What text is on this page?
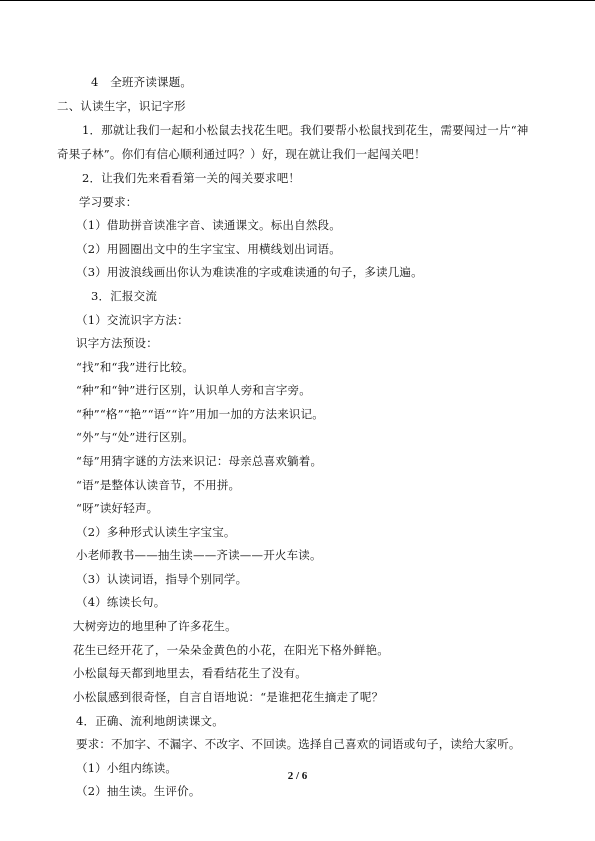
4　全班齐读课题。
二、认读生字，识记字形
1．那就让我们一起和小松鼠去找花生吧。我们要帮小松鼠找到花生，需要闯过一片“神
奇果子林”。你们有信心顺利通过吗？）好，现在就让我们一起闯关吧！
2．让我们先来看看第一关的闯关要求吧！
学习要求：
（1）借助拼音读准字音、读通课文。标出自然段。
（2）用圆圈出文中的生字宝宝、用横线划出词语。
（3）用波浪线画出你认为难读准的字或难读通的句子，多读几遍。
3．汇报交流
（1）交流识字方法：
识字方法预设：
“找”和“我”进行比较。
“种”和“钟”进行区别，认识单人旁和言字旁。
“种”“格”“艳”“语”“许”用加一加的方法来识记。
“外”与“处”进行区别。
“每”用猜字谜的方法来识记：母亲总喜欢躺着。
“语”是整体认读音节，不用拼。
“呀”读好轻声。
（2）多种形式认读生字宝宝。
小老师教书——抽生读——齐读——开火车读。
（3）认读词语，指导个别同学。
（4）练读长句。
大树旁边的地里种了许多花生。
花生已经开花了，一朵朵金黄色的小花，在阳光下格外鲜艳。
小松鼠每天都到地里去，看看结花生了没有。
小松鼠感到很奇怪，自言自语地说：“是谁把花生摘走了呢？
4．正确、流利地朗读课文。
要求：不加字、不漏字、不改字、不回读。选择自己喜欢的词语或句子，读给大家听。
（1）小组内练读。
（2）抽生读。生评价。
2 / 6
